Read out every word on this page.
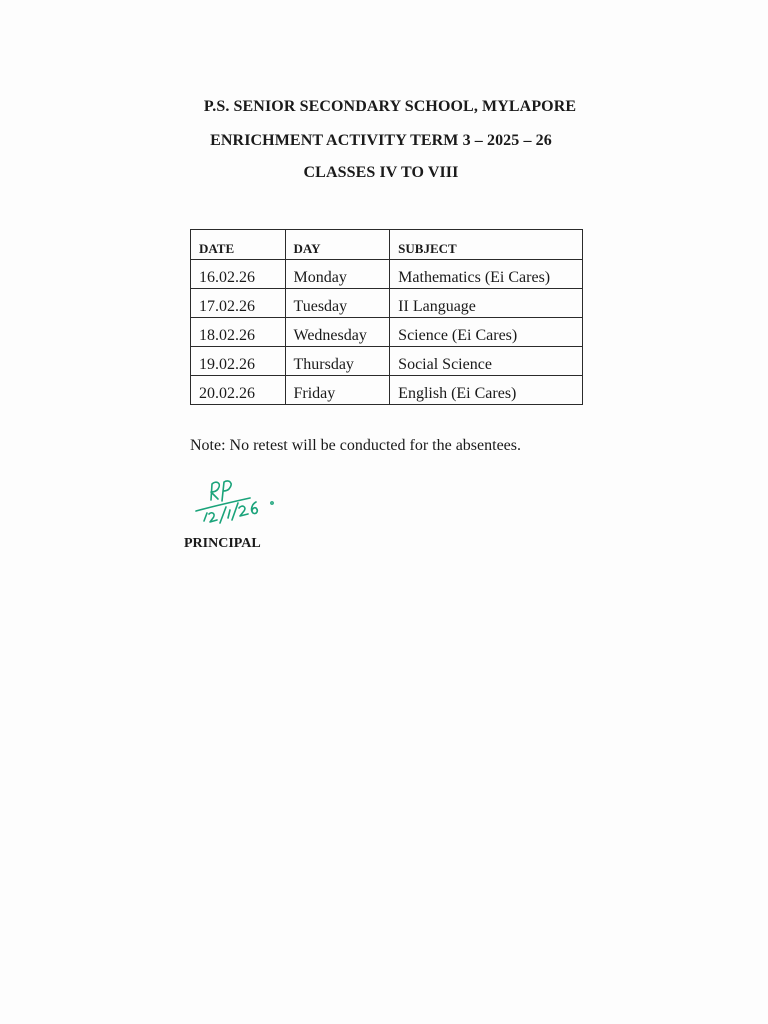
P.S. SENIOR SECONDARY SCHOOL, MYLAPORE
ENRICHMENT ACTIVITY TERM 3 – 2025 – 26
CLASSES IV TO VIII
DATE	DAY	SUBJECT
16.02.26	Monday	Mathematics (Ei Cares)
17.02.26	Tuesday	II Language
18.02.26	Wednesday	Science (Ei Cares)
19.02.26	Thursday	Social Science
20.02.26	Friday	English (Ei Cares)
Note: No retest will be conducted for the absentees.
PRINCIPAL
